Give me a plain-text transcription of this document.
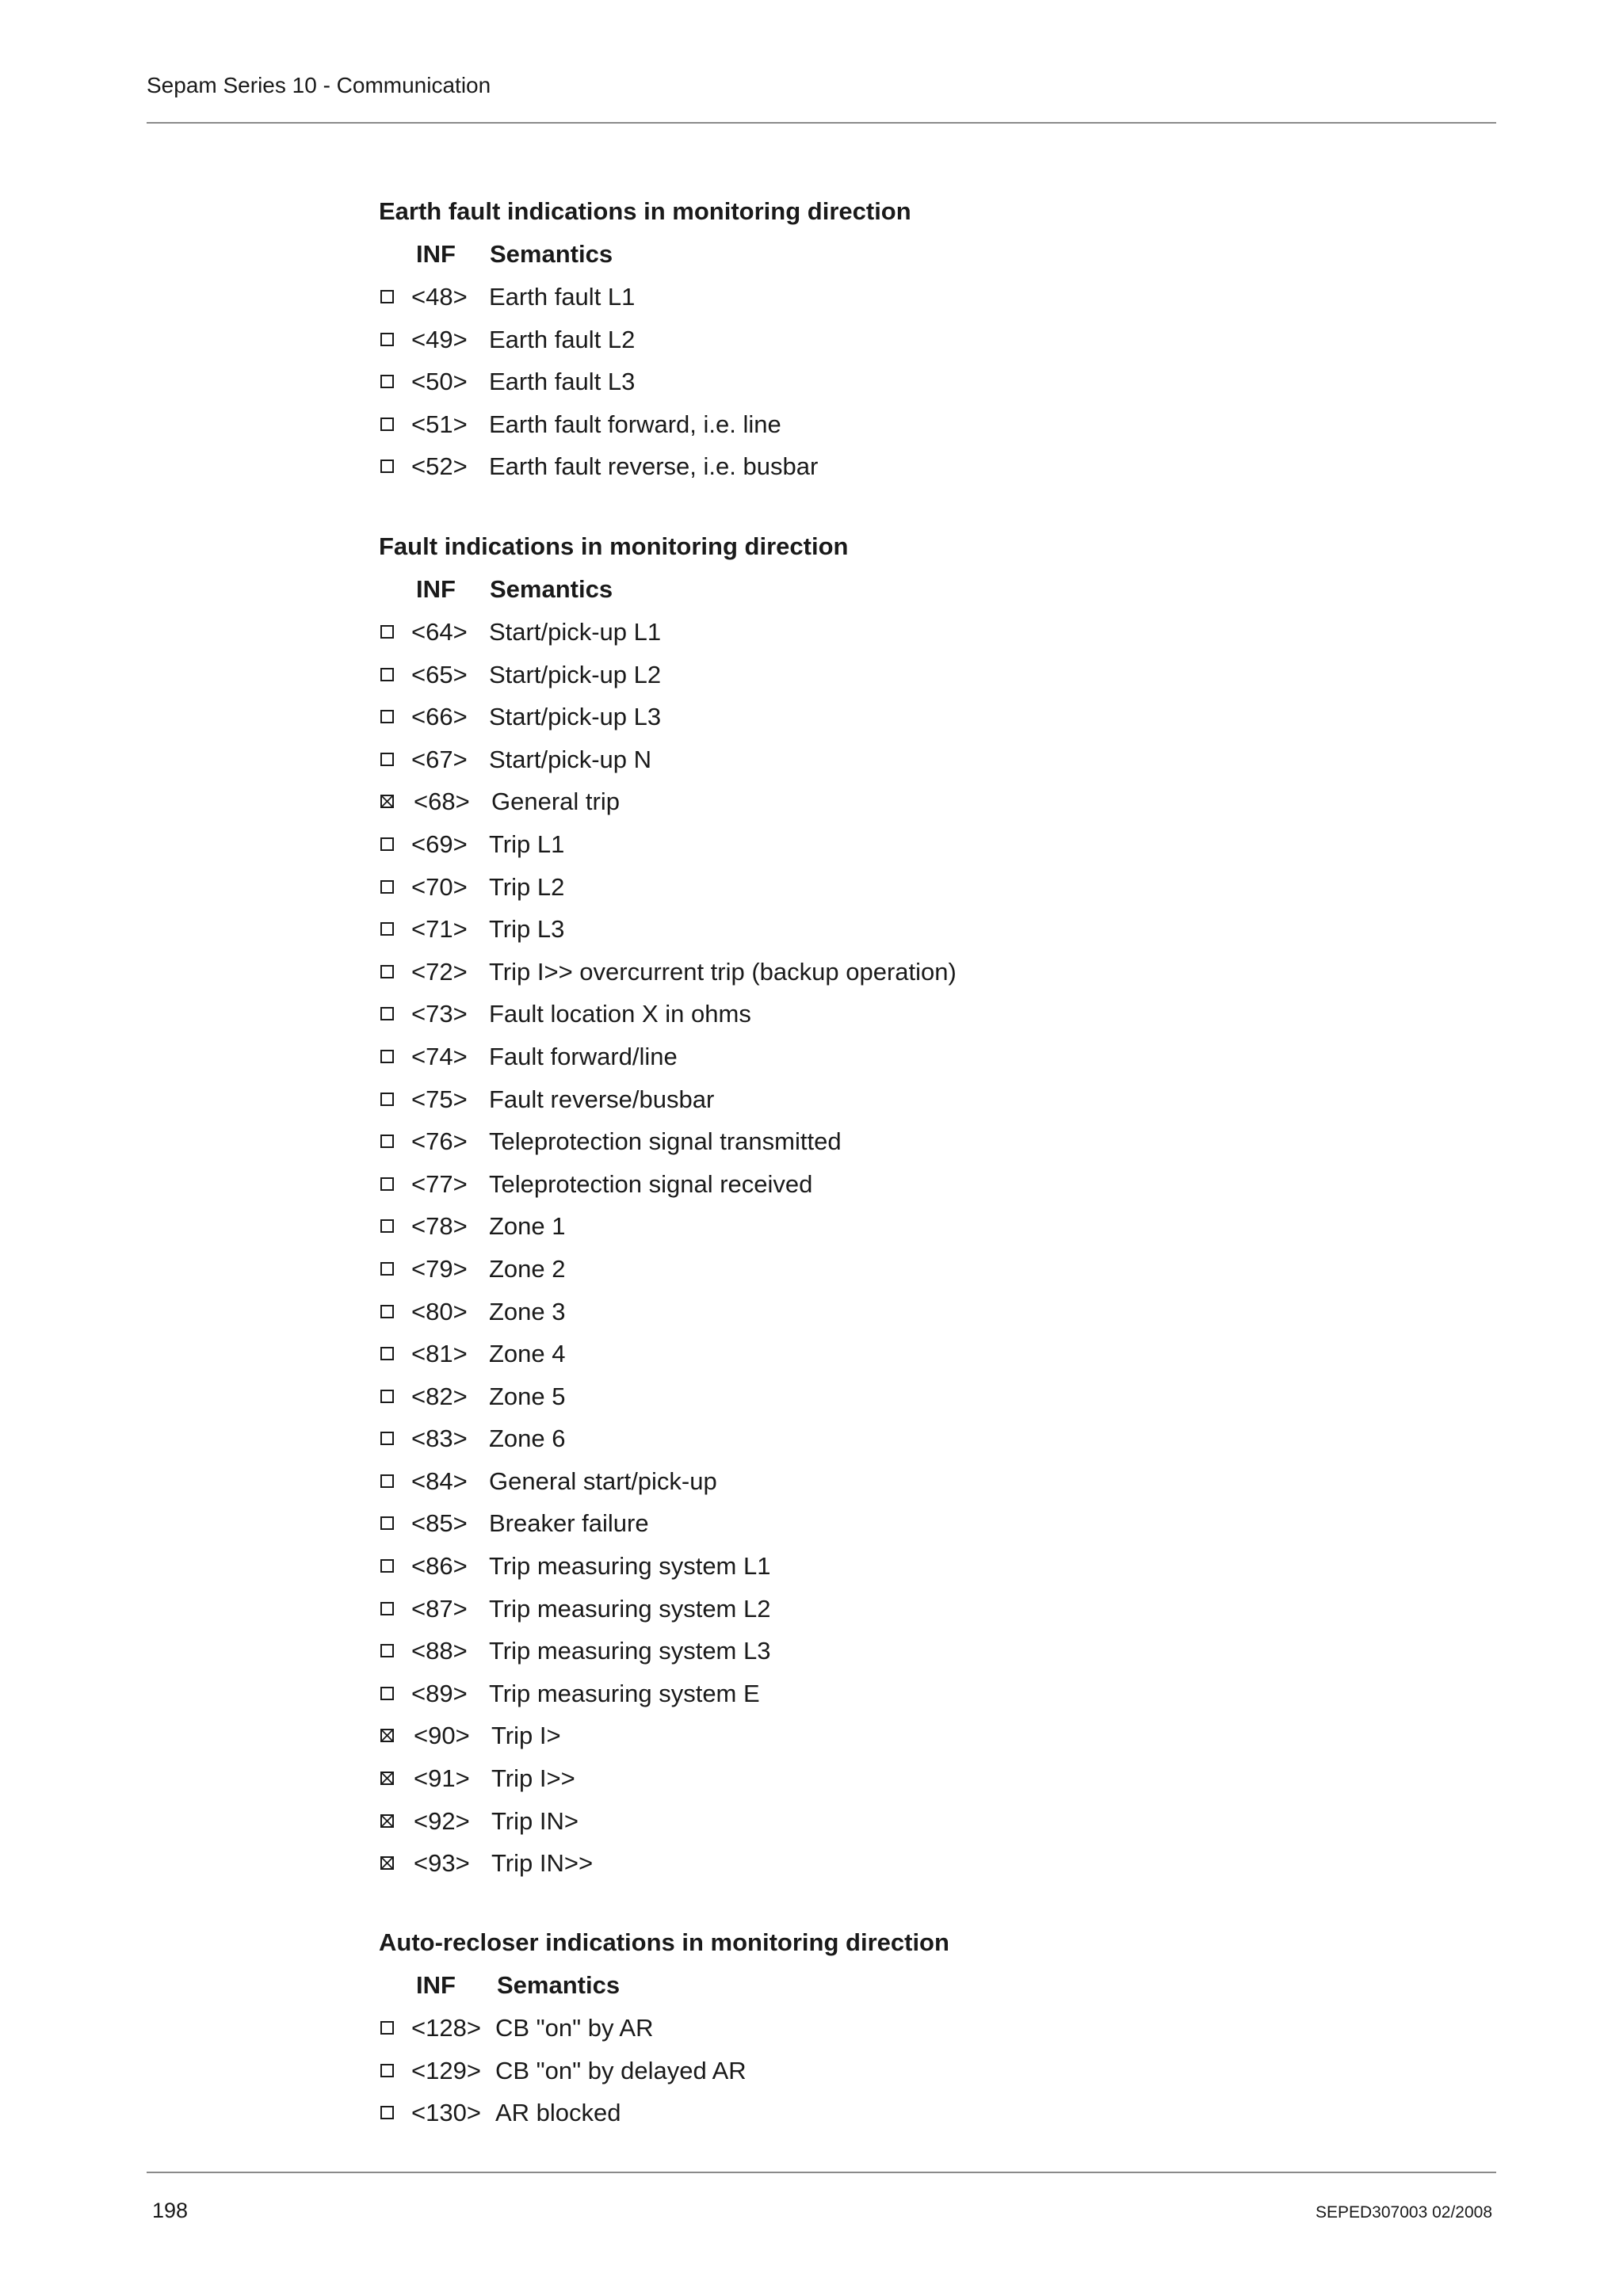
Sepam Series 10 - Communication
Earth fault indications in monitoring direction
INF Semantics
<48> Earth fault L1
<49> Earth fault L2
<50> Earth fault L3
<51> Earth fault forward, i.e. line
<52> Earth fault reverse, i.e. busbar
Fault indications in monitoring direction
INF Semantics
<64> Start/pick-up L1
<65> Start/pick-up L2
<66> Start/pick-up L3
<67> Start/pick-up N
<68> General trip
<69> Trip L1
<70> Trip L2
<71> Trip L3
<72> Trip I>> overcurrent trip (backup operation)
<73> Fault location X in ohms
<74> Fault forward/line
<75> Fault reverse/busbar
<76> Teleprotection signal transmitted
<77> Teleprotection signal received
<78> Zone 1
<79> Zone 2
<80> Zone 3
<81> Zone 4
<82> Zone 5
<83> Zone 6
<84> General start/pick-up
<85> Breaker failure
<86> Trip measuring system L1
<87> Trip measuring system L2
<88> Trip measuring system L3
<89> Trip measuring system E
<90> Trip I>
<91> Trip I>>
<92> Trip IN>
<93> Trip IN>>
Auto-recloser indications in monitoring direction
INF Semantics
<128> CB "on" by AR
<129> CB "on" by delayed AR
<130> AR blocked
198	SEPED307003 02/2008
